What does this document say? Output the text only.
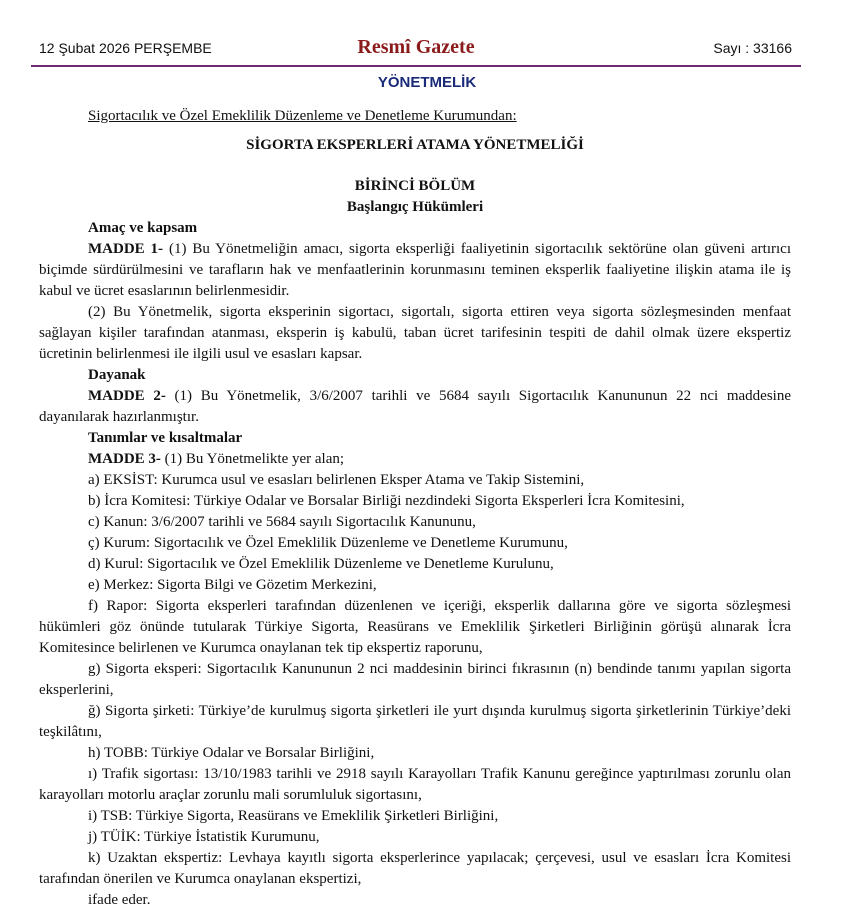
12 Şubat 2026 PERŞEMBE	Resmî Gazete	Sayı : 33166
YÖNETMELİK

Sigortacılık ve Özel Emeklilik Düzenleme ve Denetleme Kurumundan:

SİGORTA EKSPERLERİ ATAMA YÖNETMELİĞİ

BİRİNCİ BÖLÜM

Başlangıç Hükümleri

Amaç ve kapsam

MADDE 1- (1) Bu Yönetmeliğin amacı, sigorta eksperliği faaliyetinin sigortacılık sektörüne olan güveni artırıcı biçimde sürdürülmesini ve tarafların hak ve menfaatlerinin korunmasını teminen eksperlik faaliyetine ilişkin atama ile iş kabul ve ücret esaslarının belirlenmesidir.

(2) Bu Yönetmelik, sigorta eksperinin sigortacı, sigortalı, sigorta ettiren veya sigorta sözleşmesinden menfaat sağlayan kişiler tarafından atanması, eksperin iş kabulü, taban ücret tarifesinin tespiti de dahil olmak üzere ekspertiz ücretinin belirlenmesi ile ilgili usul ve esasları kapsar.

Dayanak

MADDE 2- (1) Bu Yönetmelik, 3/6/2007 tarihli ve 5684 sayılı Sigortacılık Kanununun 22 nci maddesine dayanılarak hazırlanmıştır.

Tanımlar ve kısaltmalar

MADDE 3- (1) Bu Yönetmelikte yer alan;

a) EKSİST: Kurumca usul ve esasları belirlenen Eksper Atama ve Takip Sistemini,

b) İcra Komitesi: Türkiye Odalar ve Borsalar Birliği nezdindeki Sigorta Eksperleri İcra Komitesini,

c) Kanun: 3/6/2007 tarihli ve 5684 sayılı Sigortacılık Kanununu,

ç) Kurum: Sigortacılık ve Özel Emeklilik Düzenleme ve Denetleme Kurumunu,

d) Kurul: Sigortacılık ve Özel Emeklilik Düzenleme ve Denetleme Kurulunu,

e) Merkez: Sigorta Bilgi ve Gözetim Merkezini,

f) Rapor: Sigorta eksperleri tarafından düzenlenen ve içeriği, eksperlik dallarına göre ve sigorta sözleşmesi hükümleri göz önünde tutularak Türkiye Sigorta, Reasürans ve Emeklilik Şirketleri Birliğinin görüşü alınarak İcra Komitesince belirlenen ve Kurumca onaylanan tek tip ekspertiz raporunu,

g) Sigorta eksperi: Sigortacılık Kanununun 2 nci maddesinin birinci fıkrasının (n) bendinde tanımı yapılan sigorta eksperlerini,

ğ) Sigorta şirketi: Türkiye’de kurulmuş sigorta şirketleri ile yurt dışında kurulmuş sigorta şirketlerinin Türkiye’deki teşkilâtını,

h) TOBB: Türkiye Odalar ve Borsalar Birliğini,

ı) Trafik sigortası: 13/10/1983 tarihli ve 2918 sayılı Karayolları Trafik Kanunu gereğince yaptırılması zorunlu olan karayolları motorlu araçlar zorunlu mali sorumluluk sigortasını,

i) TSB: Türkiye Sigorta, Reasürans ve Emeklilik Şirketleri Birliğini,

j) TÜİK: Türkiye İstatistik Kurumunu,

k) Uzaktan ekspertiz: Levhaya kayıtlı sigorta eksperlerince yapılacak; çerçevesi, usul ve esasları İcra Komitesi tarafından önerilen ve Kurumca onaylanan ekspertizi,

ifade eder.
